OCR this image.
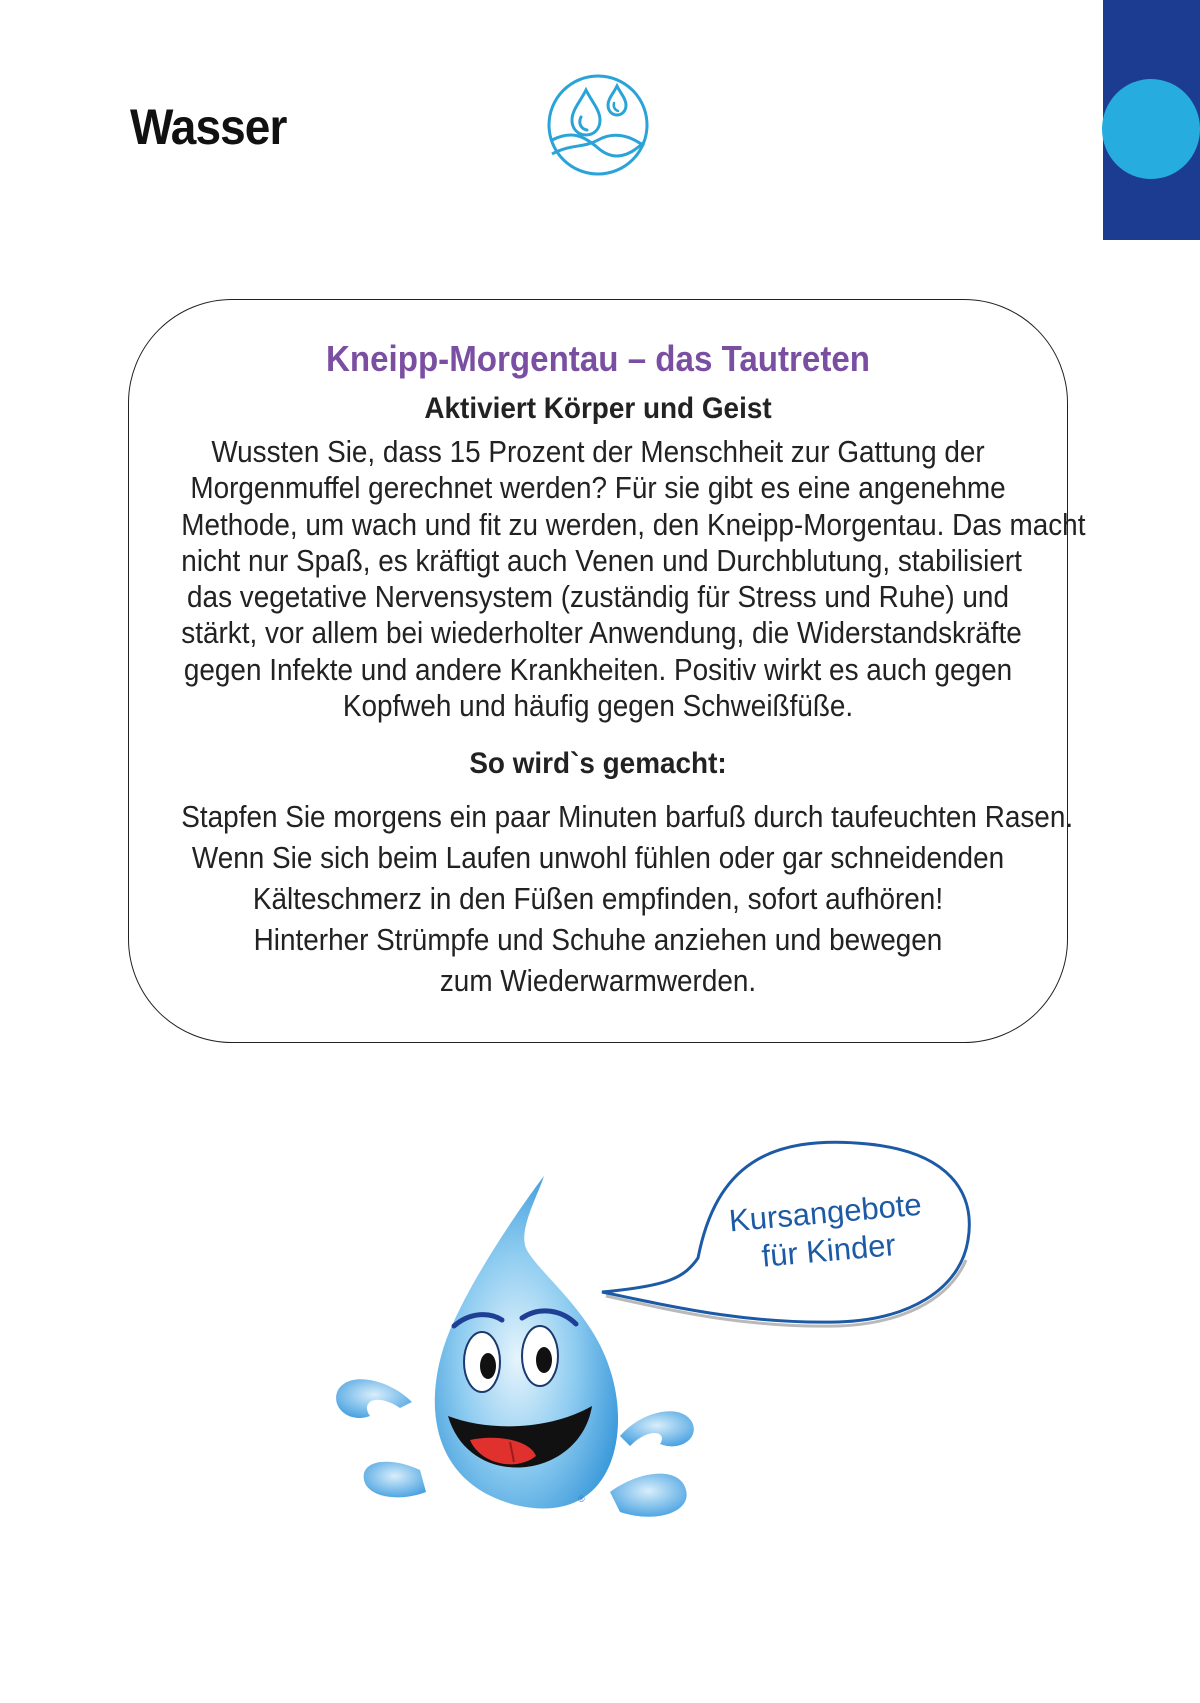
Wasser
Kneipp-Morgentau – das Tautreten
Aktiviert Körper und Geist
Wussten Sie, dass 15 Prozent der Menschheit zur Gattung der
Morgenmuffel gerechnet werden? Für sie gibt es eine angenehme
Methode, um wach und fit zu werden, den Kneipp-Morgentau. Das macht
nicht nur Spaß, es kräftigt auch Venen und Durchblutung, stabilisiert
das vegetative Nervensystem (zuständig für Stress und Ruhe) und
stärkt, vor allem bei wiederholter Anwendung, die Widerstandskräfte
gegen Infekte und andere Krankheiten. Positiv wirkt es auch gegen
Kopfweh und häufig gegen Schweißfüße.
So wird`s gemacht:
Stapfen Sie morgens ein paar Minuten barfuß durch taufeuchten Rasen.
Wenn Sie sich beim Laufen unwohl fühlen oder gar schneidenden
Kälteschmerz in den Füßen empfinden, sofort aufhören!
Hinterher Strümpfe und Schuhe anziehen und bewegen
zum Wiederwarmwerden.
®
Kursangebote
für Kinder
